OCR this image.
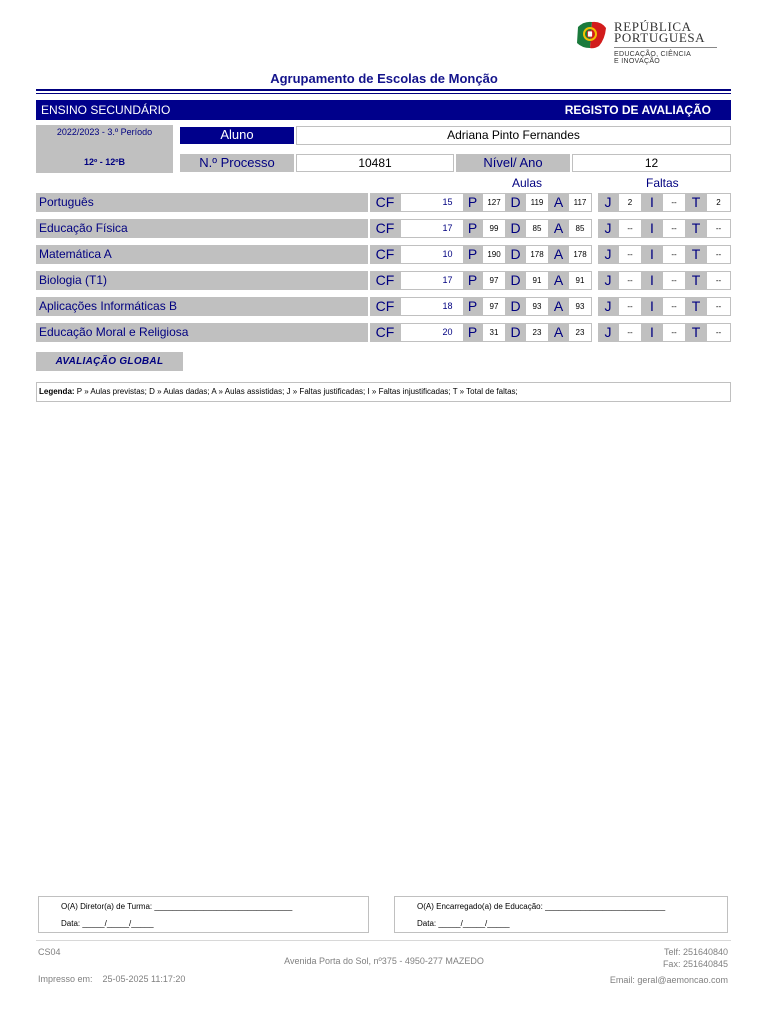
REPÚBLICA
PORTUGUESA
EDUCAÇÃO, CIÊNCIA
E INOVAÇÃO
Agrupamento de Escolas de Monção
ENSINO SECUNDÁRIO	REGISTO DE AVALIAÇÃO
2022/2023 - 3.º Período
12º - 12ºB
Aluno	Adriana Pinto Fernandes
N.º Processo	10481	Nível/ Ano	12
Aulas	Faltas
Português	CF	15	P	127 D	119 A	117	J	2	I	--	T	2
Educação Física	CF	17	P	99 D	85 A	85	J	--	I	--	T	--
Matemática A	CF	10	P	190 D	178 A	178	J	--	I	--	T	--
Biologia (T1)	CF	17	P	97 D	91 A	91	J	--	I	--	T	--
Aplicações Informáticas B	CF	18	P	97 D	93 A	93	J	--	I	--	T	--
Educação Moral e Religiosa	CF	20	P	31 D	23 A	23	J	--	I	--	T	--
AVALIAÇÃO GLOBAL
Legenda: P » Aulas previstas; D » Aulas dadas; A » Aulas assistidas; J » Faltas justificadas; I » Faltas injustificadas; T » Total de faltas;
O(A) Diretor(a) de Turma: _______________________________
Data: _____/_____/_____
O(A) Encarregado(a) de Educação: ___________________________
Data: _____/_____/_____
CS04
Avenida Porta do Sol, nº375 - 4950-277 MAZEDO
Telf: 251640840
Fax: 251640845
Impresso em: 25-05-2025 11:17:20	Email: geral@aemoncao.com
